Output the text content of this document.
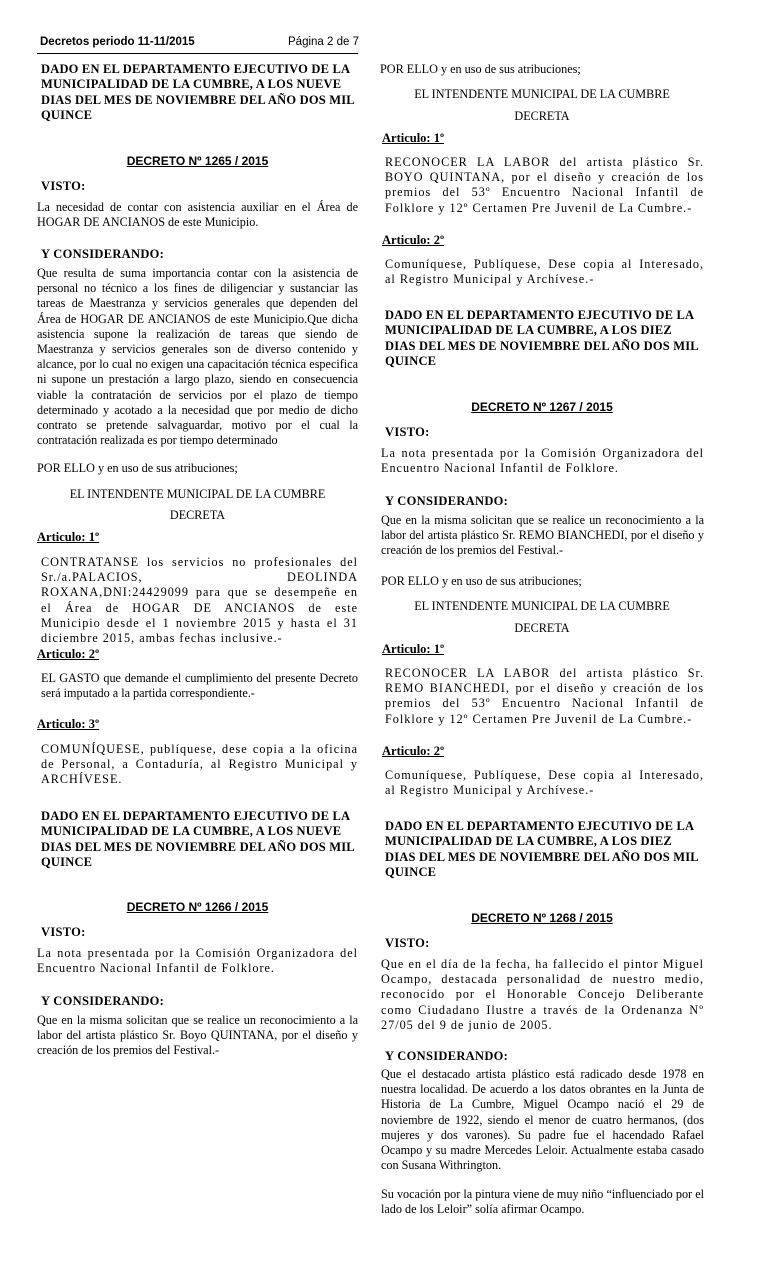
Decretos periodo 11-11/2015	Página 2 de 7
DADO EN EL DEPARTAMENTO EJECUTIVO DE LA MUNICIPALIDAD DE LA CUMBRE, A LOS NUEVE DIAS DEL MES DE NOVIEMBRE DEL AÑO DOS MIL QUINCE
DECRETO Nº 1265 / 2015
VISTO:
La necesidad de contar con asistencia auxiliar en el Área de HOGAR DE ANCIANOS de este Municipio.
Y CONSIDERANDO:
Que resulta de suma importancia contar con la asistencia de personal no técnico a los fines de diligenciar y sustanciar las tareas de Maestranza y servicios generales que dependen del Área de HOGAR DE ANCIANOS de este Municipio.Que dicha asistencia supone la realización de tareas que siendo de Maestranza y servicios generales son de diverso contenido y alcance, por lo cual no exigen una capacitación técnica especifica ni supone un prestación a largo plazo, siendo en consecuencia viable la contratación de servicios por el plazo de tiempo determinado y acotado a la necesidad que por medio de dicho contrato se pretende salvaguardar, motivo por el cual la contratación realizada es por tiempo determinado
POR ELLO y en uso de sus atribuciones;
EL INTENDENTE MUNICIPAL DE LA CUMBRE
DECRETA
Articulo: 1º
CONTRATANSE los servicios no profesionales del Sr./a.PALACIOS, DEOLINDA ROXANA,DNI:24429099 para que se desempeñe en el Área de HOGAR DE ANCIANOS de este Municipio desde el 1 noviembre 2015 y hasta el 31 diciembre 2015, ambas fechas inclusive.-
Articulo: 2º
EL GASTO que demande el cumplimiento del presente Decreto será imputado a la partida correspondiente.-
Articulo: 3º
COMUNÍQUESE, publíquese, dese copia a la oficina de Personal, a Contaduría, al Registro Municipal y ARCHÍVESE.
DADO EN EL DEPARTAMENTO EJECUTIVO DE LA MUNICIPALIDAD DE LA CUMBRE, A LOS NUEVE DIAS DEL MES DE NOVIEMBRE DEL AÑO DOS MIL QUINCE
DECRETO Nº 1266 / 2015
VISTO:
La nota presentada por la Comisión Organizadora del Encuentro Nacional Infantil de Folklore.
Y CONSIDERANDO:
Que en la misma solicitan que se realice un reconocimiento a la labor del artista plástico Sr. Boyo QUINTANA, por el diseño y creación de los premios del Festival.-
POR ELLO y en uso de sus atribuciones;
EL INTENDENTE MUNICIPAL DE LA CUMBRE
DECRETA
Articulo: 1º
RECONOCER LA LABOR del artista plástico Sr. BOYO QUINTANA, por el diseño y creación de los premios del 53º Encuentro Nacional Infantil de Folklore y 12º Certamen Pre Juvenil de La Cumbre.-
Articulo: 2º
Comuníquese, Publíquese, Dese copia al Interesado, al Registro Municipal y Archívese.-
DADO EN EL DEPARTAMENTO EJECUTIVO DE LA MUNICIPALIDAD DE LA CUMBRE, A LOS DIEZ DIAS DEL MES DE NOVIEMBRE DEL AÑO DOS MIL QUINCE
DECRETO Nº 1267 / 2015
VISTO:
La nota presentada por la Comisión Organizadora del Encuentro Nacional Infantil de Folklore.
Y CONSIDERANDO:
Que en la misma solicitan que se realice un reconocimiento a la labor del artista plástico Sr. REMO BIANCHEDI, por el diseño y creación de los premios del Festival.-
POR ELLO y en uso de sus atribuciones;
EL INTENDENTE MUNICIPAL DE LA CUMBRE
DECRETA
Articulo: 1º
RECONOCER LA LABOR del artista plástico Sr. REMO BIANCHEDI, por el diseño y creación de los premios del 53º Encuentro Nacional Infantil de Folklore y 12º Certamen Pre Juvenil de La Cumbre.-
Articulo: 2º
Comuníquese, Publíquese, Dese copia al Interesado, al Registro Municipal y Archívese.-
DADO EN EL DEPARTAMENTO EJECUTIVO DE LA MUNICIPALIDAD DE LA CUMBRE, A LOS DIEZ DIAS DEL MES DE NOVIEMBRE DEL AÑO DOS MIL QUINCE
DECRETO Nº 1268 / 2015
VISTO:
Que en el día de la fecha, ha fallecido el pintor Miguel Ocampo, destacada personalidad de nuestro medio, reconocido por el Honorable Concejo Deliberante como Ciudadano Ilustre a través de la Ordenanza Nº 27/05 del 9 de junio de 2005.
Y CONSIDERANDO:
Que el destacado artista plástico está radicado desde 1978 en nuestra localidad. De acuerdo a los datos obrantes en la Junta de Historia de La Cumbre, Miguel Ocampo nació el 29 de noviembre de 1922, siendo el menor de cuatro hermanos, (dos mujeres y dos varones). Su padre fue el hacendado Rafael Ocampo y su madre Mercedes Leloir. Actualmente estaba casado con Susana Withrington.
Su vocación por la pintura viene de muy niño “influenciado por el lado de los Leloir” solía afirmar Ocampo.
